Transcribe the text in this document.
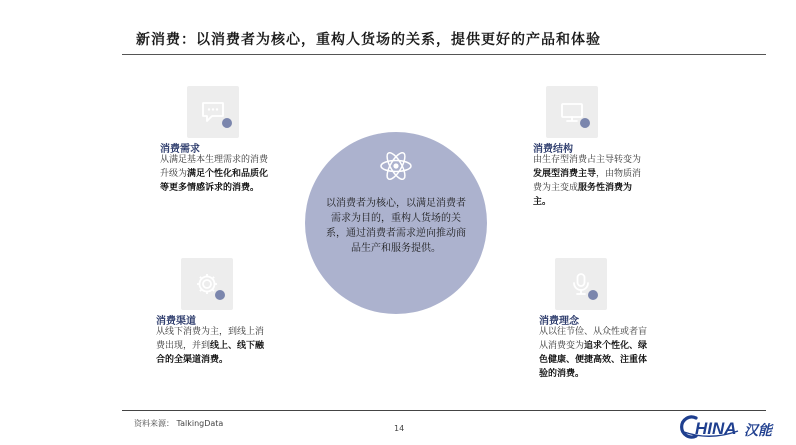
新消费：以消费者为核心，重构人货场的关系，提供更好的产品和体验
以消费者为核心，以满足消费者需求为目的，重构人货场的关系，通过消费者需求逆向推动商品生产和服务提供。
消费需求
从满足基本生理需求的消费升级为满足个性化和品质化等更多情感诉求的消费。
消费结构
由生存型消费占主导转变为发展型消费主导，由物质消费为主变成服务性消费为主。
消费渠道
从线下消费为主，到线上消费出现，并到线上、线下融合的全渠道消费。
消费理念
从以往节俭、从众性或者盲从消费变为追求个性化、绿色健康、便捷高效、注重体验的消费。
资料来源： TalkingData
14	HINA 汉能
